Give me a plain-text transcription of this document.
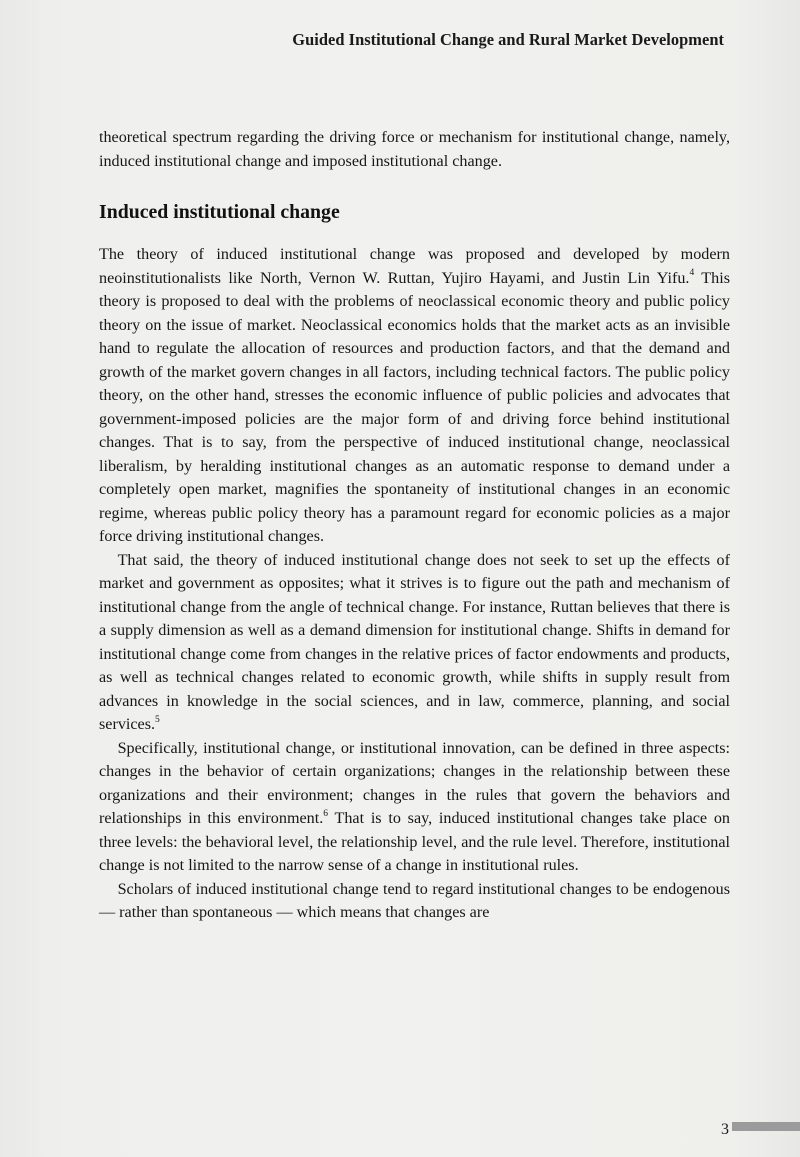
Guided Institutional Change and Rural Market Development

theoretical spectrum regarding the driving force or mechanism for institutional change, namely, induced institutional change and imposed institutional change.

Induced institutional change

The theory of induced institutional change was proposed and developed by modern neoinstitutionalists like North, Vernon W. Ruttan, Yujiro Hayami, and Justin Lin Yifu.$^4$ This theory is proposed to deal with the problems of neoclassical economic theory and public policy theory on the issue of market. Neoclassical economics holds that the market acts as an invisible hand to regulate the allocation of resources and production factors, and that the demand and growth of the market govern changes in all factors, including technical factors. The public policy theory, on the other hand, stresses the economic influence of public policies and advocates that government-imposed policies are the major form of and driving force behind institutional changes. That is to say, from the perspective of induced institutional change, neoclassical liberalism, by heralding institutional changes as an automatic response to demand under a completely open market, magnifies the spontaneity of institutional changes in an economic regime, whereas public policy theory has a paramount regard for economic policies as a major force driving institutional changes.

That said, the theory of induced institutional change does not seek to set up the effects of market and government as opposites; what it strives is to figure out the path and mechanism of institutional change from the angle of technical change. For instance, Ruttan believes that there is a supply dimension as well as a demand dimension for institutional change. Shifts in demand for institutional change come from changes in the relative prices of factor endowments and products, as well as technical changes related to economic growth, while shifts in supply result from advances in knowledge in the social sciences, and in law, commerce, planning, and social services.$^5$

Specifically, institutional change, or institutional innovation, can be defined in three aspects: changes in the behavior of certain organizations; changes in the relationship between these organizations and their environment; changes in the rules that govern the behaviors and relationships in this environment.$^6$ That is to say, induced institutional changes take place on three levels: the behavioral level, the relationship level, and the rule level. Therefore, institutional change is not limited to the narrow sense of a change in institutional rules.

Scholars of induced institutional change tend to regard institutional changes to be endogenous — rather than spontaneous — which means that changes are

3
